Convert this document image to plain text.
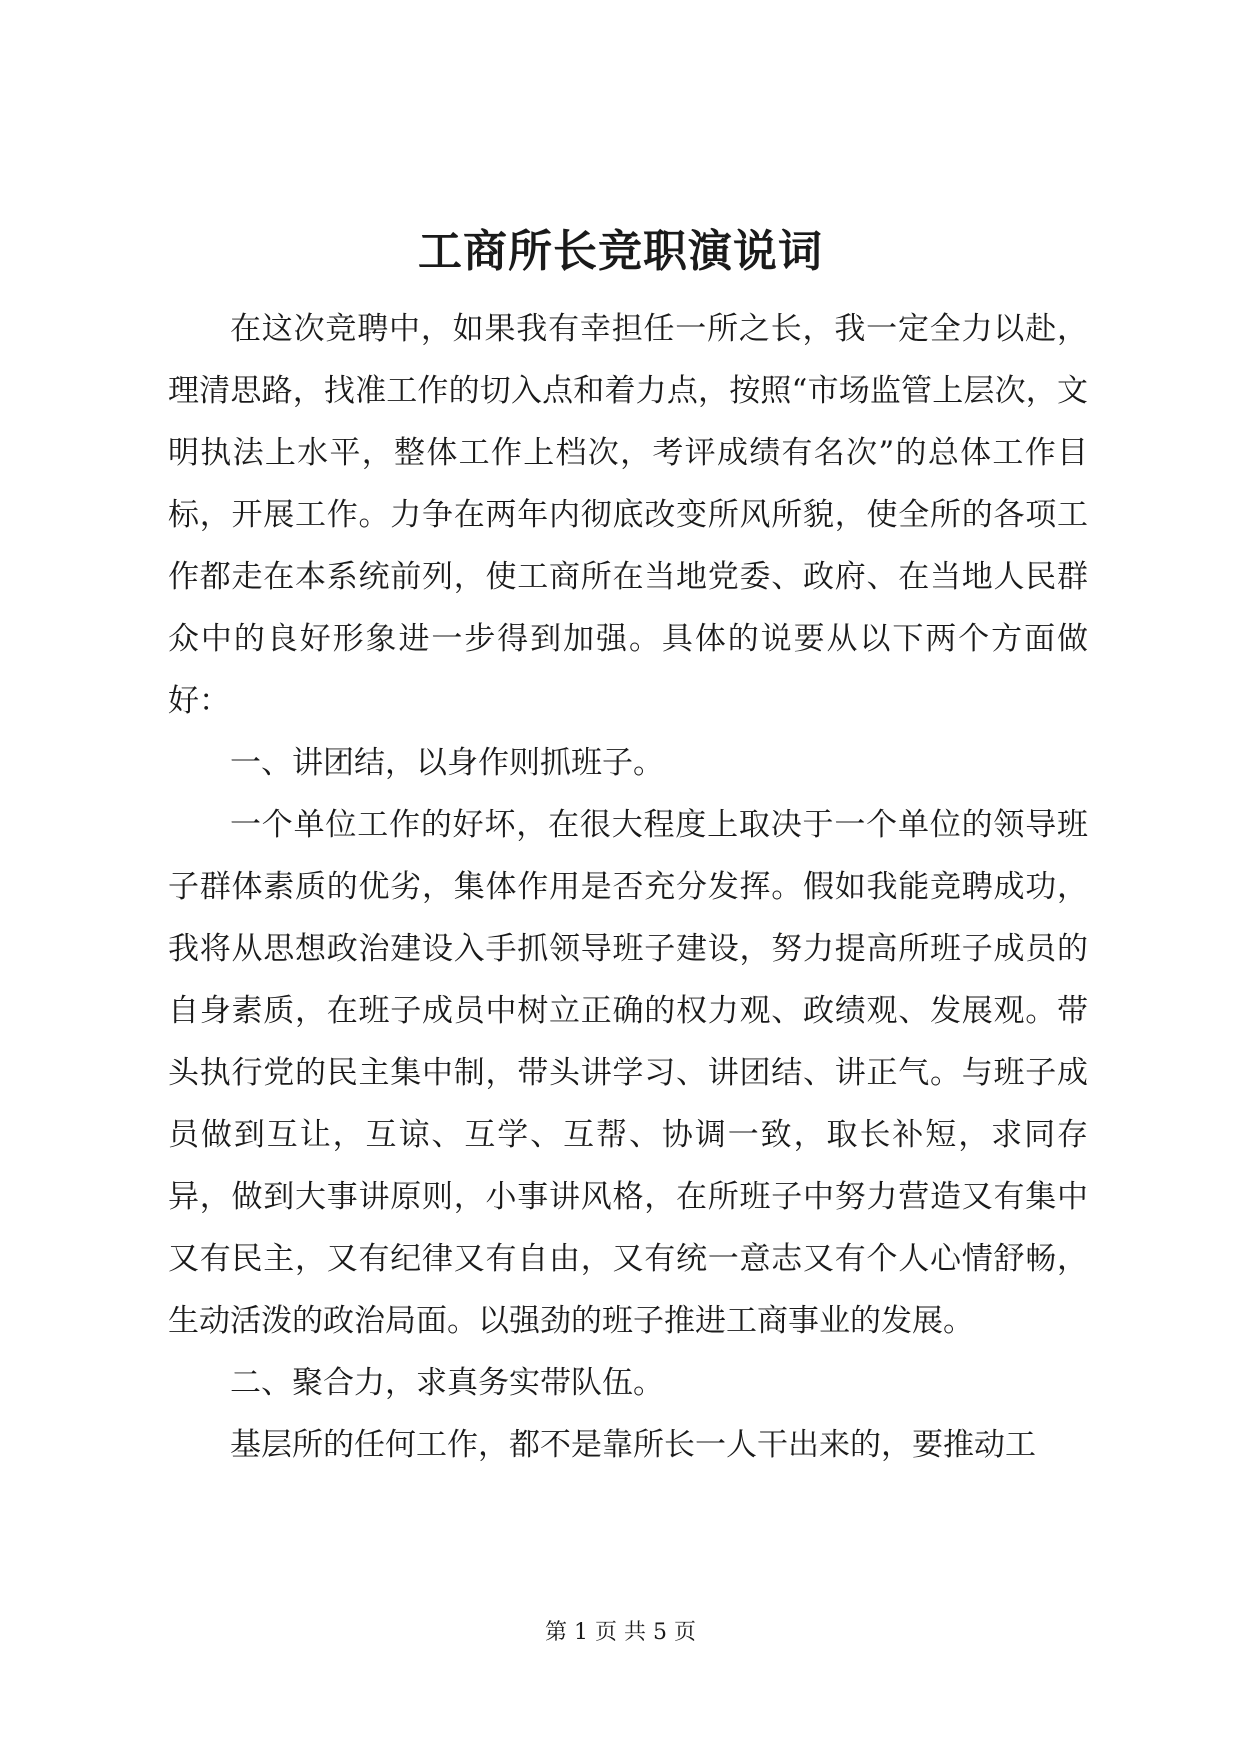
工商所长竞职演说词

在这次竞聘中，如果我有幸担任一所之长，我一定全力以赴，理清思路，找准工作的切入点和着力点，按照“市场监管上层次，文明执法上水平，整体工作上档次，考评成绩有名次”的总体工作目标，开展工作。力争在两年内彻底改变所风所貌，使全所的各项工作都走在本系统前列，使工商所在当地党委、政府、在当地人民群众中的良好形象进一步得到加强。具体的说要从以下两个方面做好：

一、讲团结，以身作则抓班子。

一个单位工作的好坏，在很大程度上取决于一个单位的领导班子群体素质的优劣，集体作用是否充分发挥。假如我能竞聘成功，我将从思想政治建设入手抓领导班子建设，努力提高所班子成员的自身素质，在班子成员中树立正确的权力观、政绩观、发展观。带头执行党的民主集中制，带头讲学习、讲团结、讲正气。与班子成员做到互让，互谅、互学、互帮、协调一致，取长补短，求同存异，做到大事讲原则，小事讲风格，在所班子中努力营造又有集中又有民主，又有纪律又有自由，又有统一意志又有个人心情舒畅，生动活泼的政治局面。以强劲的班子推进工商事业的发展。

二、聚合力，求真务实带队伍。

基层所的任何工作，都不是靠所长一人干出来的，要推动工

第 1 页 共 5 页
